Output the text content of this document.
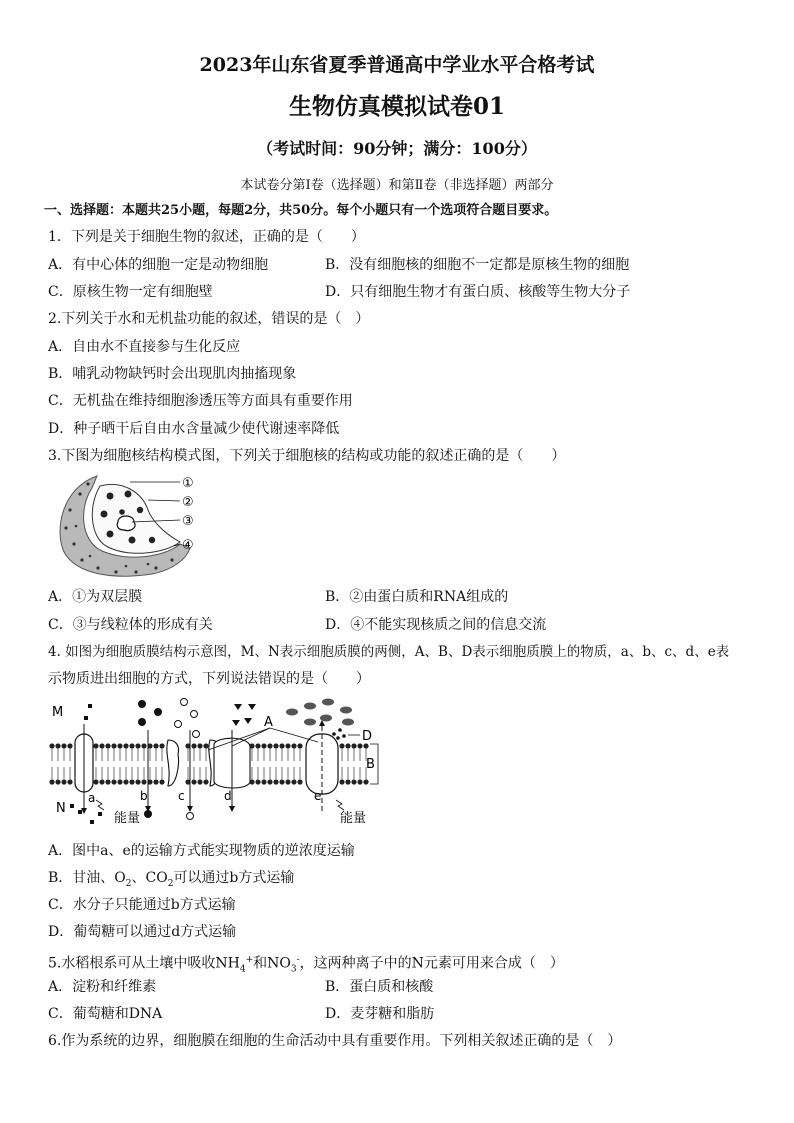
2023年山东省夏季普通高中学业水平合格考试
生物仿真模拟试卷01
（考试时间：90分钟；满分：100分）
本试卷分第Ⅰ卷（选择题）和第Ⅱ卷（非选择题）两部分
一、选择题：本题共25小题，每题2分，共50分。每个小题只有一个选项符合题目要求。
1．下列是关于细胞生物的叙述，正确的是（　　）
A．有中心体的细胞一定是动物细胞	B．没有细胞核的细胞不一定都是原核生物的细胞
C．原核生物一定有细胞壁	D．只有细胞生物才有蛋白质、核酸等生物大分子
2.下列关于水和无机盐功能的叙述，错误的是（　）
A．自由水不直接参与生化反应
B．哺乳动物缺钙时会出现肌肉抽搐现象
C．无机盐在维持细胞渗透压等方面具有重要作用
D．种子晒干后自由水含量减少使代谢速率降低
3.下图为细胞核结构模式图，下列关于细胞核的结构或功能的叙述正确的是（　　）
①
②
③
④
A．①为双层膜	B．②由蛋白质和RNA组成的
C．③与线粒体的形成有关	D．④不能实现核质之间的信息交流
4. 如图为细胞质膜结构示意图，M、N表示细胞质膜的两侧，A、B、D表示细胞质膜上的物质，a、b、c、d、e表
示物质进出细胞的方式，下列说法错误的是（　　）
M
N
a	b	c	d	e
A
D
B
能量	能量
A．图中a、e的运输方式能实现物质的逆浓度运输
B．甘油、$O_2$、$CO_2$可以通过b方式运输
C．水分子只能通过b方式运输
D．葡萄糖可以通过d方式运输
5.水稻根系可从土壤中吸收$NH_4^+$和$NO_3^-$，这两种离子中的N元素可用来合成（　）
A．淀粉和纤维素	B．蛋白质和核酸
C．葡萄糖和DNA	D．麦芽糖和脂肪
6.作为系统的边界，细胞膜在细胞的生命活动中具有重要作用。下列相关叙述正确的是（　）
